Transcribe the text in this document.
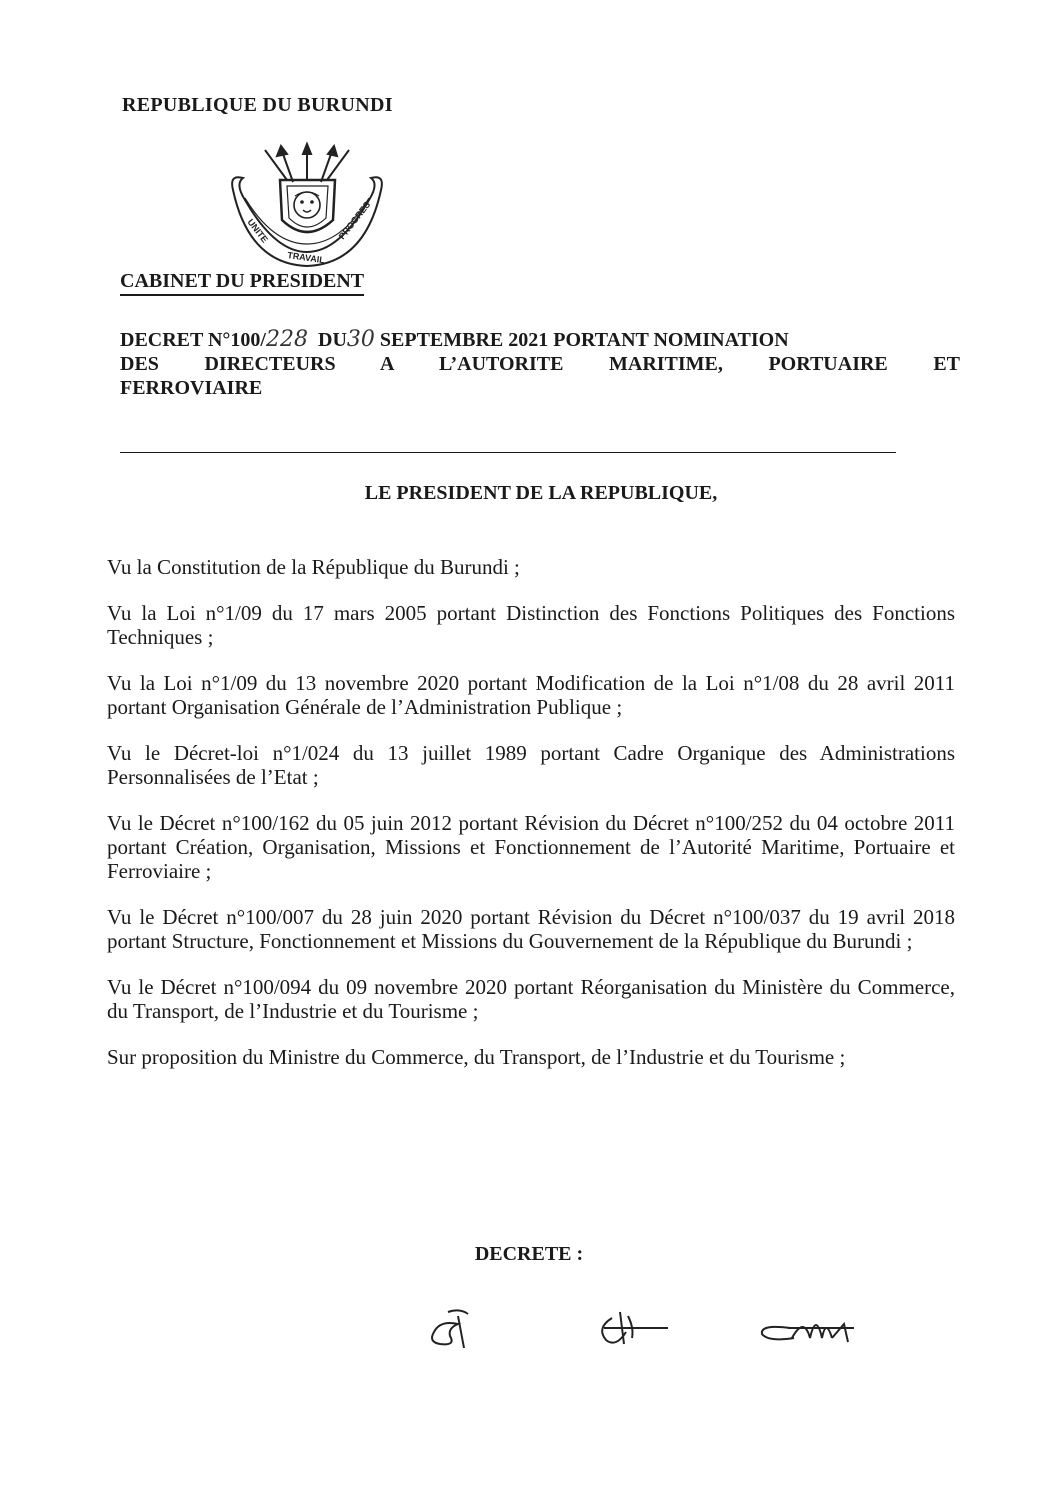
REPUBLIQUE DU BURUNDI
UNITE
TRAVAIL
PROGRES
CABINET DU PRESIDENT
DECRET N°100/228 DU30 SEPTEMBRE 2021 PORTANT NOMINATION
DES DIRECTEURS A L’AUTORITE MARITIME, PORTUAIRE ET
FERROVIAIRE
LE PRESIDENT DE LA REPUBLIQUE,

Vu la Constitution de la République du Burundi ;

Vu la Loi n°1/09 du 17 mars 2005 portant Distinction des Fonctions Politiques des Fonctions Techniques ;

Vu la Loi n°1/09 du 13 novembre 2020 portant Modification de la Loi n°1/08 du 28 avril 2011 portant Organisation Générale de l’Administration Publique ;

Vu le Décret-loi n°1/024 du 13 juillet 1989 portant Cadre Organique des Administrations Personnalisées de l’Etat ;

Vu le Décret n°100/162 du 05 juin 2012 portant Révision du Décret n°100/252 du 04 octobre 2011 portant Création, Organisation, Missions et Fonctionnement de l’Autorité Maritime, Portuaire et Ferroviaire ;

Vu le Décret n°100/007 du 28 juin 2020 portant Révision du Décret n°100/037 du 19 avril 2018 portant Structure, Fonctionnement et Missions du Gouvernement de la République du Burundi ;

Vu le Décret n°100/094 du 09 novembre 2020 portant Réorganisation du Ministère du Commerce, du Transport, de l’Industrie et du Tourisme ;

Sur proposition du Ministre du Commerce, du Transport, de l’Industrie et du Tourisme ;

DECRETE :
